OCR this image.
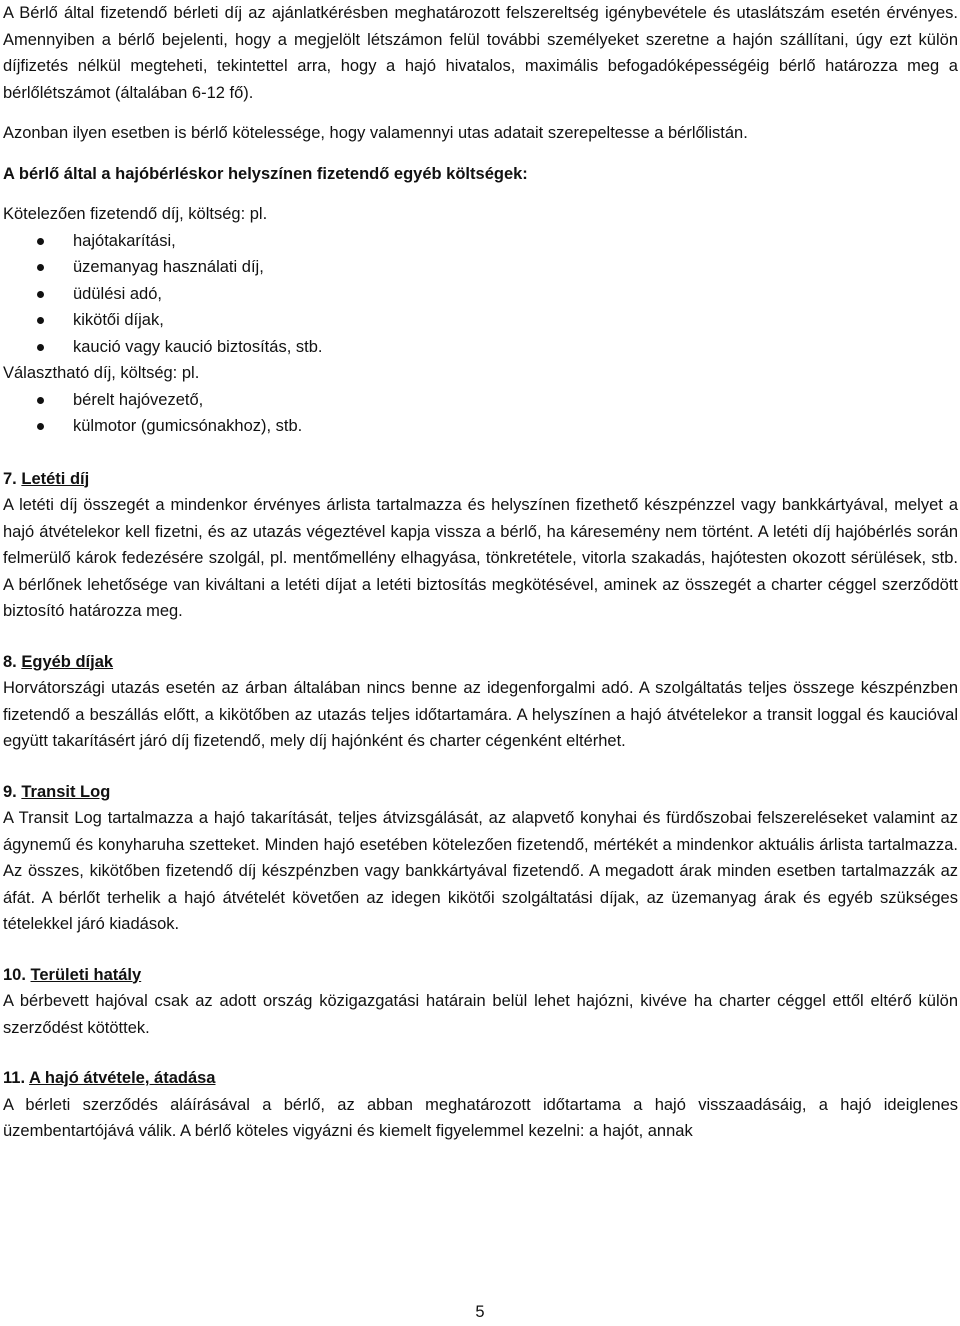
A Bérlő által fizetendő bérleti díj az ajánlatkérésben meghatározott felszereltség igénybevétele és utaslátszám esetén érvényes. Amennyiben a bérlő bejelenti, hogy a megjelölt létszámon felül további személyeket szeretne a hajón szállítani, úgy ezt külön díjfizetés nélkül megteheti, tekintettel arra, hogy a hajó hivatalos, maximális befogadóképességéig bérlő határozza meg a bérlőlétszámot (általában 6-12 fő).

Azonban ilyen esetben is bérlő kötelessége, hogy valamennyi utas adatait szerepeltesse a bérlőlistán.

A bérlő által a hajóbérléskor helyszínen fizetendő egyéb költségek:

Kötelezően fizetendő díj, költség: pl.

hajótakarítási,
üzemanyag használati díj,
üdülési adó,
kikötői díjak,
kaució vagy kaució biztosítás, stb.

Választható díj, költség: pl.

bérelt hajóvezető,
külmotor (gumicsónakhoz), stb.

7. Letéti díj

A letéti díj összegét a mindenkor érvényes árlista tartalmazza és helyszínen fizethető készpénzzel vagy bankkártyával, melyet a hajó átvételekor kell fizetni, és az utazás végeztével kapja vissza a bérlő, ha káresemény nem történt. A letéti díj hajóbérlés során felmerülő károk fedezésére szolgál, pl. mentőmellény elhagyása, tönkretétele, vitorla szakadás, hajótesten okozott sérülések, stb. A bérlőnek lehetősége van kiváltani a letéti díjat a letéti biztosítás megkötésével, aminek az összegét a charter céggel szerződött biztosító határozza meg.

8. Egyéb díjak

Horvátországi utazás esetén az árban általában nincs benne az idegenforgalmi adó. A szolgáltatás teljes összege készpénzben fizetendő a beszállás előtt, a kikötőben az utazás teljes időtartamára. A helyszínen a hajó átvételekor a transit loggal és kaucióval együtt takarításért járó díj fizetendő, mely díj hajónként és charter cégenként eltérhet.

9. Transit Log

A Transit Log tartalmazza a hajó takarítását, teljes átvizsgálását, az alapvető konyhai és fürdőszobai felszereléseket valamint az ágynemű és konyharuha szetteket. Minden hajó esetében kötelezően fizetendő, mértékét a mindenkor aktuális árlista tartalmazza. Az összes, kikötőben fizetendő díj készpénzben vagy bankkártyával fizetendő. A megadott árak minden esetben tartalmazzák az áfát. A bérlőt terhelik a hajó átvételét követően az idegen kikötői szolgáltatási díjak, az üzemanyag árak és egyéb szükséges tételekkel járó kiadások.

10. Területi hatály

A bérbevett hajóval csak az adott ország közigazgatási határain belül lehet hajózni, kivéve ha charter céggel ettől eltérő külön szerződést kötöttek.

11. A hajó átvétele, átadása

A bérleti szerződés aláírásával a bérlő, az abban meghatározott időtartama a hajó visszaadásáig, a hajó ideiglenes üzembentartójává válik. A bérlő köteles vigyázni és kiemelt figyelemmel kezelni: a hajót, annak

5
